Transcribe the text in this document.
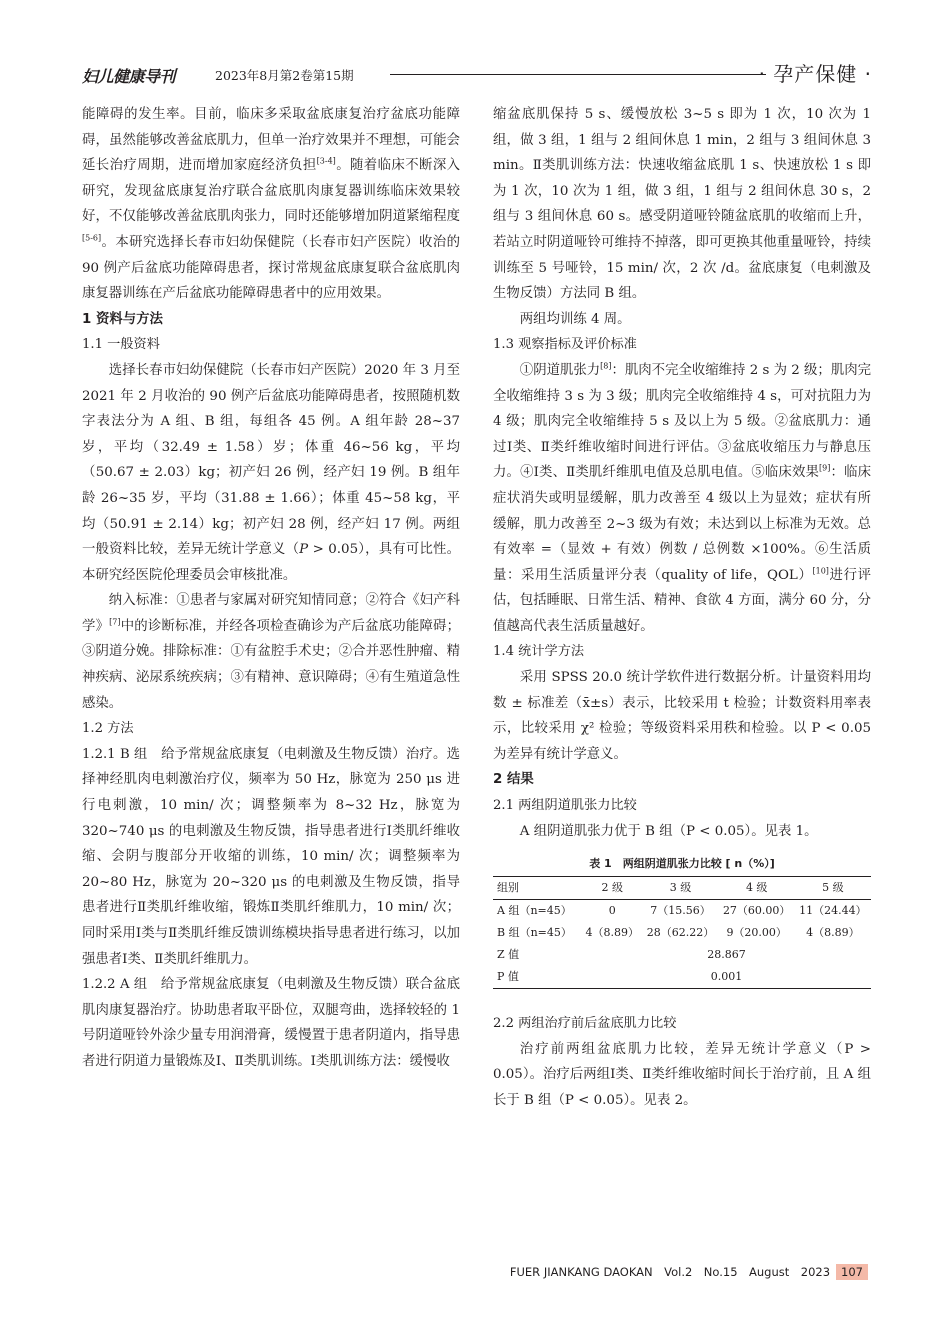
妇儿健康导刊	2023年8月第2卷第15期	· 孕产保健 ·

能障碍的发生率。目前，临床多采取盆底康复治疗盆底功能障碍，虽然能够改善盆底肌力，但单一治疗效果并不理想，可能会延长治疗周期，进而增加家庭经济负担[3-4]。随着临床不断深入研究，发现盆底康复治疗联合盆底肌肉康复器训练临床效果较好，不仅能够改善盆底肌肉张力，同时还能够增加阴道紧缩程度[5-6]。本研究选择长春市妇幼保健院（长春市妇产医院）收治的 90 例产后盆底功能障碍患者，探讨常规盆底康复联合盆底肌肉康复器训练在产后盆底功能障碍患者中的应用效果。

1 资料与方法

1.1 一般资料

选择长春市妇幼保健院（长春市妇产医院）2020 年 3 月至 2021 年 2 月收治的 90 例产后盆底功能障碍患者，按照随机数字表法分为 A 组、B 组，每组各 45 例。A 组年龄 28~37 岁，平均（32.49 ± 1.58）岁；体重 46~56 kg，平均（50.67 ± 2.03）kg；初产妇 26 例，经产妇 19 例。B 组年龄 26~35 岁，平均（31.88 ± 1.66）；体重 45~58 kg，平均（50.91 ± 2.14）kg；初产妇 28 例，经产妇 17 例。两组一般资料比较，差异无统计学意义（P > 0.05），具有可比性。本研究经医院伦理委员会审核批准。

纳入标准：①患者与家属对研究知情同意；②符合《妇产科学》[7]中的诊断标准，并经各项检查确诊为产后盆底功能障碍；③阴道分娩。排除标准：①有盆腔手术史；②合并恶性肿瘤、精神疾病、泌尿系统疾病；③有精神、意识障碍；④有生殖道急性感染。

1.2 方法

1.2.1 B 组　 给予常规盆底康复（电刺激及生物反馈）治疗。选择神经肌肉电刺激治疗仪，频率为 50 Hz，脉宽为 250 μs 进行电刺激，10 min/ 次；调整频率为 8~32 Hz，脉宽为 320~740 μs 的电刺激及生物反馈，指导患者进行Ⅰ类肌纤维收缩、会阴与腹部分开收缩的训练，10 min/ 次；调整频率为 20~80 Hz，脉宽为 20~320 μs 的电刺激及生物反馈，指导患者进行Ⅱ类肌纤维收缩，锻炼Ⅱ类肌纤维肌力，10 min/ 次；同时采用Ⅰ类与Ⅱ类肌纤维反馈训练模块指导患者进行练习，以加强患者Ⅰ类、Ⅱ类肌纤维肌力。

1.2.2 A 组　 给予常规盆底康复（电刺激及生物反馈）联合盆底肌肉康复器治疗。协助患者取平卧位，双腿弯曲，选择较轻的 1 号阴道哑铃外涂少量专用润滑膏，缓慢置于患者阴道内，指导患者进行阴道力量锻炼及Ⅰ、Ⅱ类肌训练。Ⅰ类肌训练方法：缓慢收

缩盆底肌保持 5 s、缓慢放松 3~5 s 即为 1 次，10 次为 1 组，做 3 组，1 组与 2 组间休息 1 min，2 组与 3 组间休息 3 min。Ⅱ类肌训练方法：快速收缩盆底肌 1 s、快速放松 1 s 即为 1 次，10 次为 1 组，做 3 组，1 组与 2 组间休息 30 s，2 组与 3 组间休息 60 s。感受阴道哑铃随盆底肌的收缩而上升，若站立时阴道哑铃可维持不掉落，即可更换其他重量哑铃，持续训练至 5 号哑铃，15 min/ 次，2 次 /d。盆底康复（电刺激及生物反馈）方法同 B 组。

两组均训练 4 周。

1.3 观察指标及评价标准

①阴道肌张力[8]：肌肉不完全收缩维持 2 s 为 2 级；肌肉完全收缩维持 3 s 为 3 级；肌肉完全收缩维持 4 s，可对抗阻力为 4 级；肌肉完全收缩维持 5 s 及以上为 5 级。②盆底肌力：通过Ⅰ类、Ⅱ类纤维收缩时间进行评估。③盆底收缩压力与静息压力。④Ⅰ类、Ⅱ类肌纤维肌电值及总肌电值。⑤临床效果[9]：临床症状消失或明显缓解，肌力改善至 4 级以上为显效；症状有所缓解，肌力改善至 2~3 级为有效；未达到以上标准为无效。总有效率 =（显效 + 有效）例数 / 总例数 ×100%。⑥生活质量：采用生活质量评分表（quality of life，QOL）[10]进行评估，包括睡眠、日常生活、精神、食欲 4 方面，满分 60 分，分值越高代表生活质量越好。

1.4 统计学方法

采用 SPSS 20.0 统计学软件进行数据分析。计量资料用均数 ± 标准差（x̄±s）表示，比较采用 t 检验；计数资料用率表示，比较采用 χ² 检验；等级资料采用秩和检验。以 P < 0.05 为差异有统计学意义。

2 结果

2.1 两组阴道肌张力比较

A 组阴道肌张力优于 B 组（P < 0.05）。见表 1。

表 1　两组阴道肌张力比较 [ n（%）]
组别	2 级	3 级	4 级	5 级
A 组（n=45）	0	7（15.56）	27（60.00）	11（24.44）
B 组（n=45）	4（8.89）	28（62.22）	9（20.00）	4（8.89）
Z 值	28.867			
P 值	0.001			

2.2 两组治疗前后盆底肌力比较

治疗前两组盆底肌力比较，差异无统计学意义（P > 0.05）。治疗后两组Ⅰ类、Ⅱ类纤维收缩时间长于治疗前，且 A 组长于 B 组（P < 0.05）。见表 2。

FUER JIANKANG DAOKAN　Vol.2　No.15　August　2023 107
